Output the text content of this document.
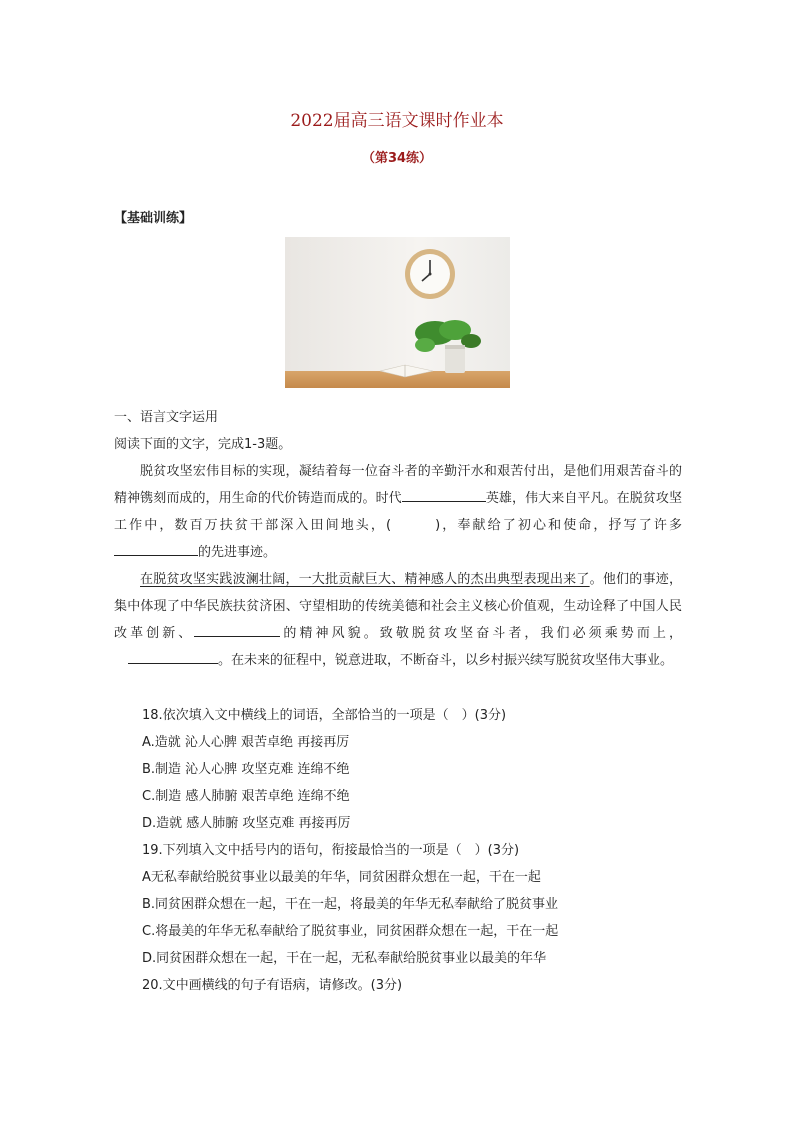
2022届高三语文课时作业本
（第34练）
【基础训练】
一、语言文字运用
阅读下面的文字，完成1-3题。

脱贫攻坚宏伟目标的实现，凝结着每一位奋斗者的辛勤汗水和艰苦付出，是他们用艰苦奋斗的精神镌刻而成的，用生命的代价铸造而成的。时代	英雄，伟大来自平凡。在脱贫攻坚工作中，数百万扶贫干部深入田间地头，(	)，奉献给了初心和使命，抒写了许多的先进事迹。

在脱贫攻坚实践波澜壮阔，一大批贡献巨大、精神感人的杰出典型表现出来了。他们的事迹，集中体现了中华民族扶贫济困、守望相助的传统美德和社会主义核心价值观，生动诠释了中国人民改革创新、	的精神风貌。致敬脱贫攻坚奋斗者，我们必须乘势而上，。在未来的征程中，锐意进取，不断奋斗，以乡村振兴续写脱贫攻坚伟大事业。

18.依次填入文中横线上的词语，全部恰当的一项是（　）(3分)
A.造就 沁人心脾 艰苦卓绝 再接再厉
B.制造 沁人心脾 攻坚克难 连绵不绝
C.制造 感人肺腑 艰苦卓绝 连绵不绝
D.造就 感人肺腑 攻坚克难 再接再厉
19.下列填入文中括号内的语句，衔接最恰当的一项是（　）(3分)
A无私奉献给脱贫事业以最美的年华，同贫困群众想在一起，干在一起
B.同贫困群众想在一起，干在一起，将最美的年华无私奉献给了脱贫事业
C.将最美的年华无私奉献给了脱贫事业，同贫困群众想在一起，干在一起
D.同贫困群众想在一起，干在一起，无私奉献给脱贫事业以最美的年华
20.文中画横线的句子有语病，请修改。(3分)
